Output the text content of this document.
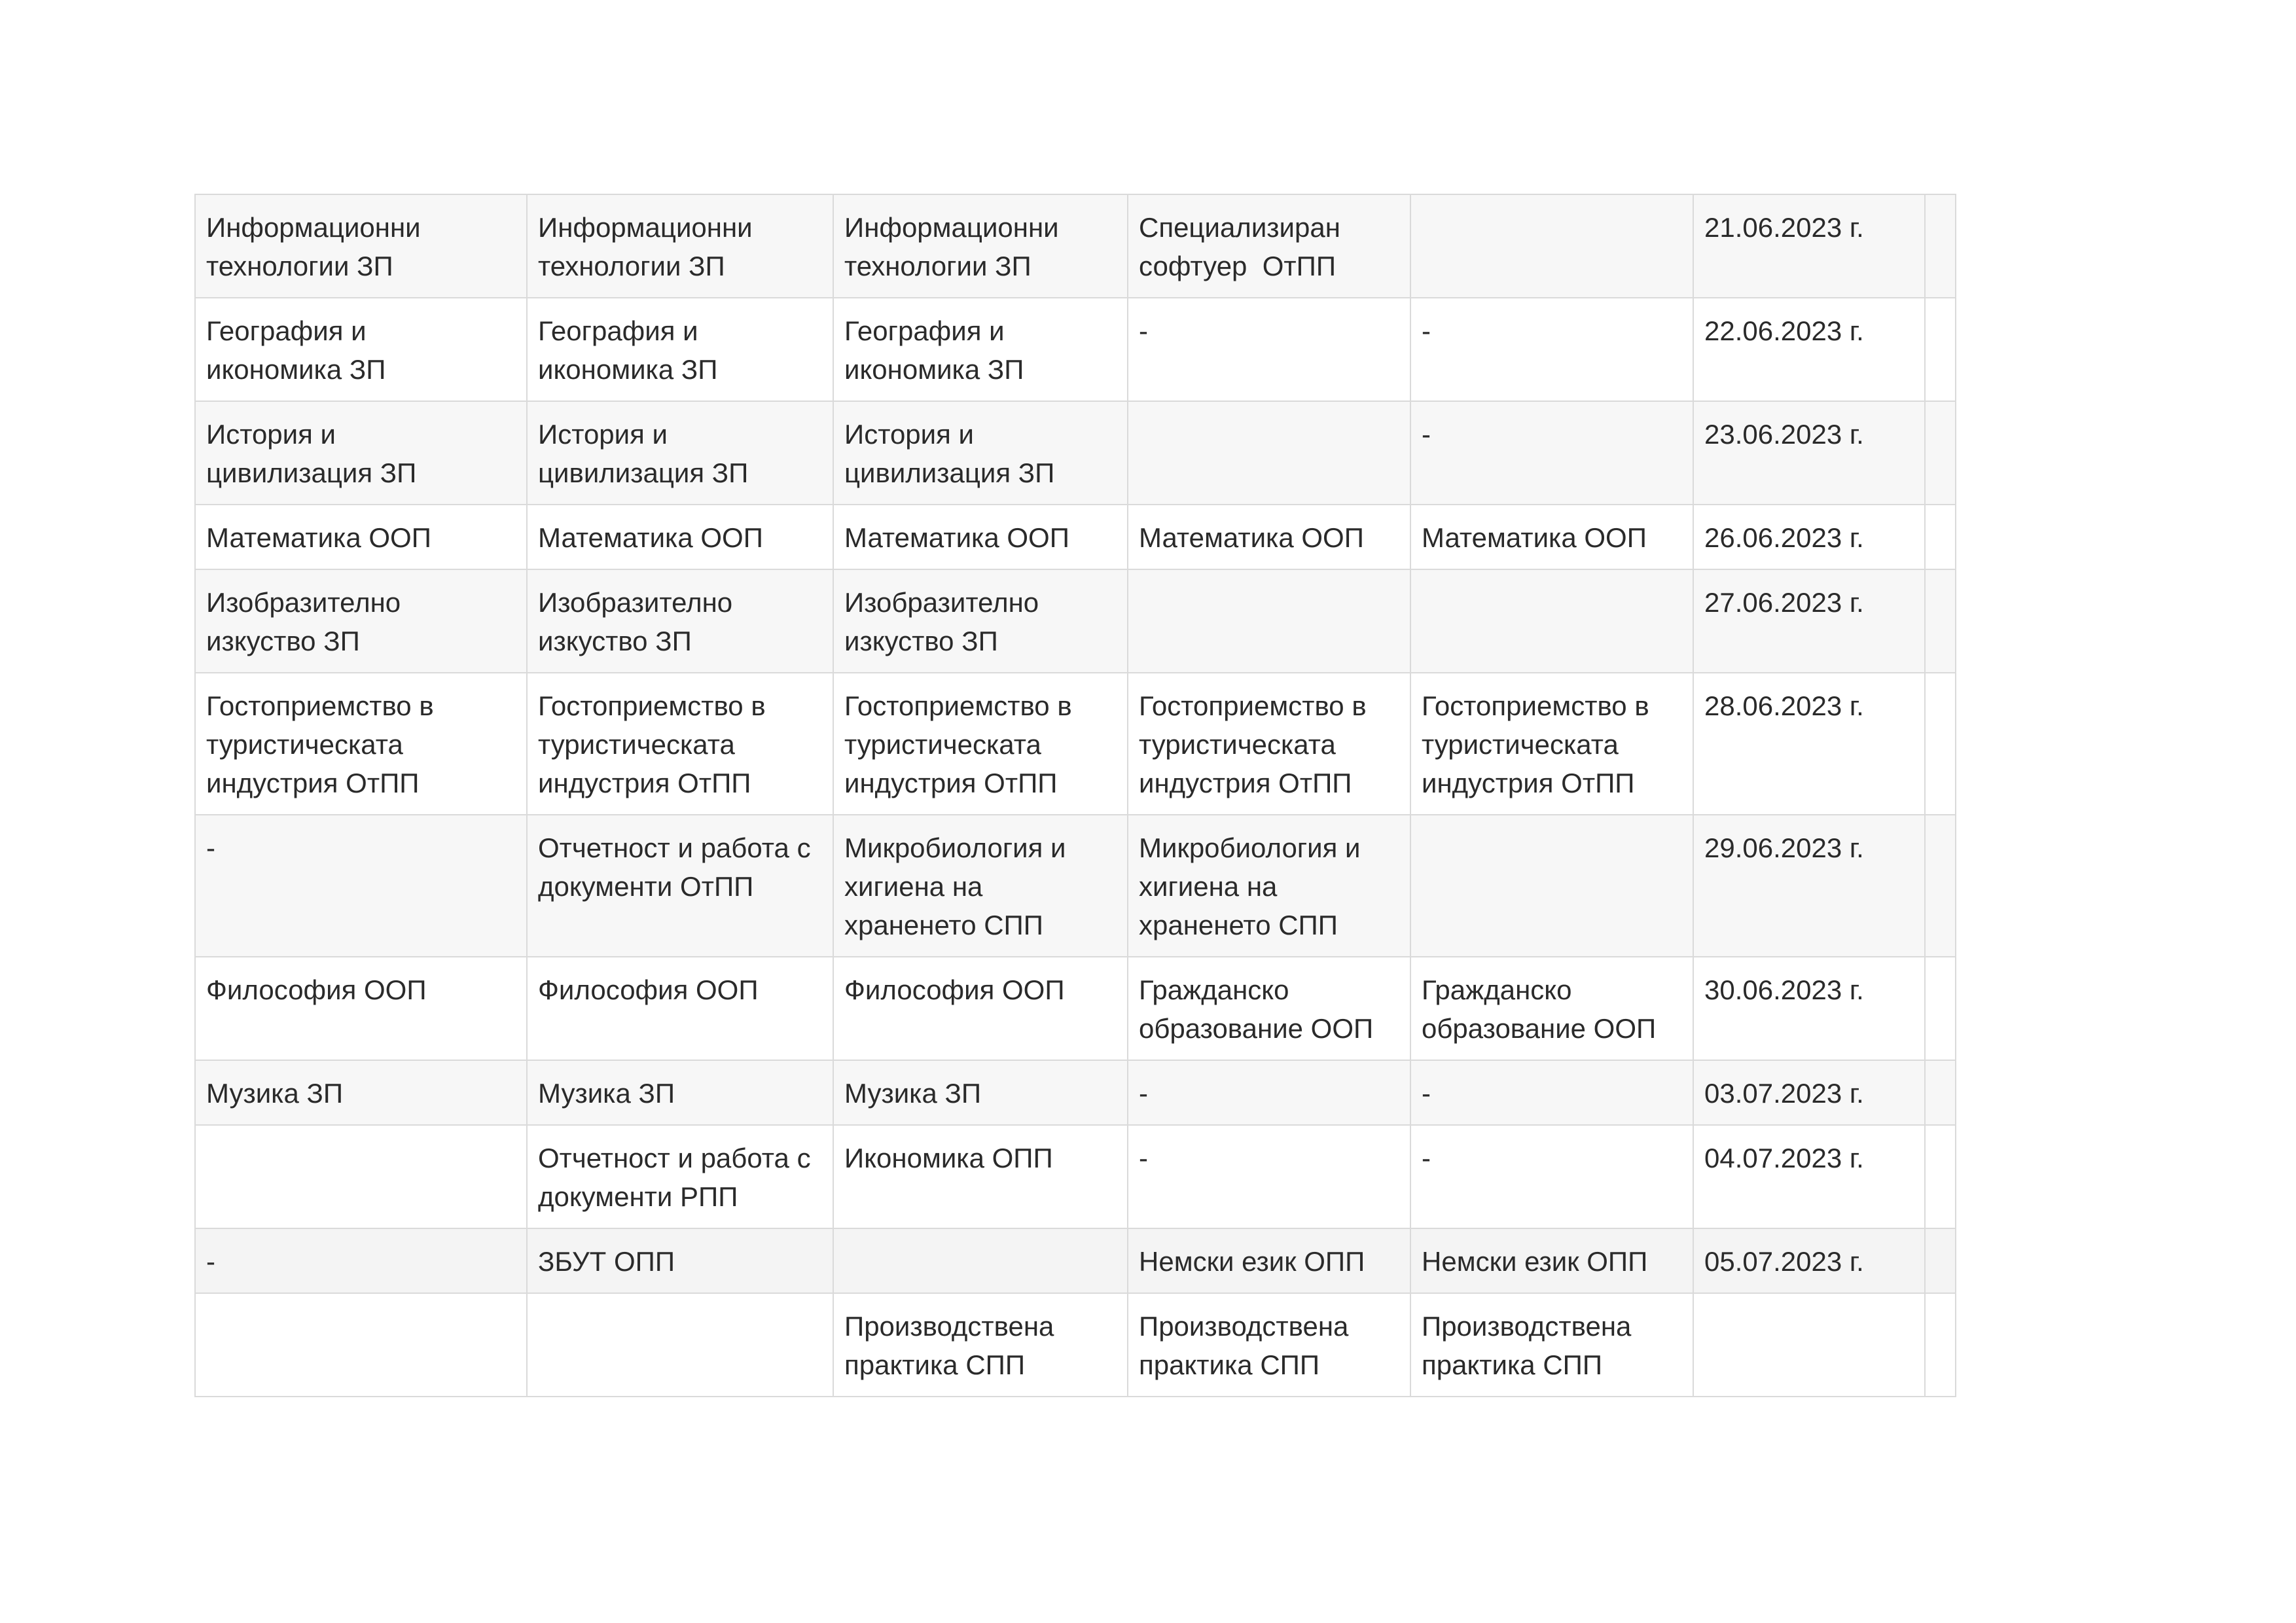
Информационни
технологии ЗП	Информационни
технологии ЗП	Информационни
технологии ЗП	Специализиран
софтуер  ОтПП		21.06.2023 г.	
География и
икономика ЗП	География и
икономика ЗП	География и
икономика ЗП	-	-	22.06.2023 г.	
История и
цивилизация ЗП	История и
цивилизация ЗП	История и
цивилизация ЗП		-	23.06.2023 г.	
Математика ООП	Математика ООП	Математика ООП	Математика ООП	Математика ООП	26.06.2023 г.	
Изобразително
изкуство ЗП	Изобразително
изкуство ЗП	Изобразително
изкуство ЗП			27.06.2023 г.	
Гостоприемство в
туристическата
индустрия ОтПП	Гостоприемство в
туристическата
индустрия ОтПП	Гостоприемство в
туристическата
индустрия ОтПП	Гостоприемство в
туристическата
индустрия ОтПП	Гостоприемство в
туристическата
индустрия ОтПП	28.06.2023 г.	
-	Отчетност и работа с
документи ОтПП	Микробиология и
хигиена на
храненето СПП	Микробиология и
хигиена на
храненето СПП		29.06.2023 г.	
Философия ООП	Философия ООП	Философия ООП	Гражданско
образование ООП	Гражданско
образование ООП	30.06.2023 г.	
Музика ЗП	Музика ЗП	Музика ЗП	-	-	03.07.2023 г.	
	Отчетност и работа с
документи РПП	Икономика ОПП	-	-	04.07.2023 г.	
-	ЗБУТ ОПП		Немски език ОПП	Немски език ОПП	05.07.2023 г.	
		Производствена
практика СПП	Производствена
практика СПП	Производствена
практика СПП		
